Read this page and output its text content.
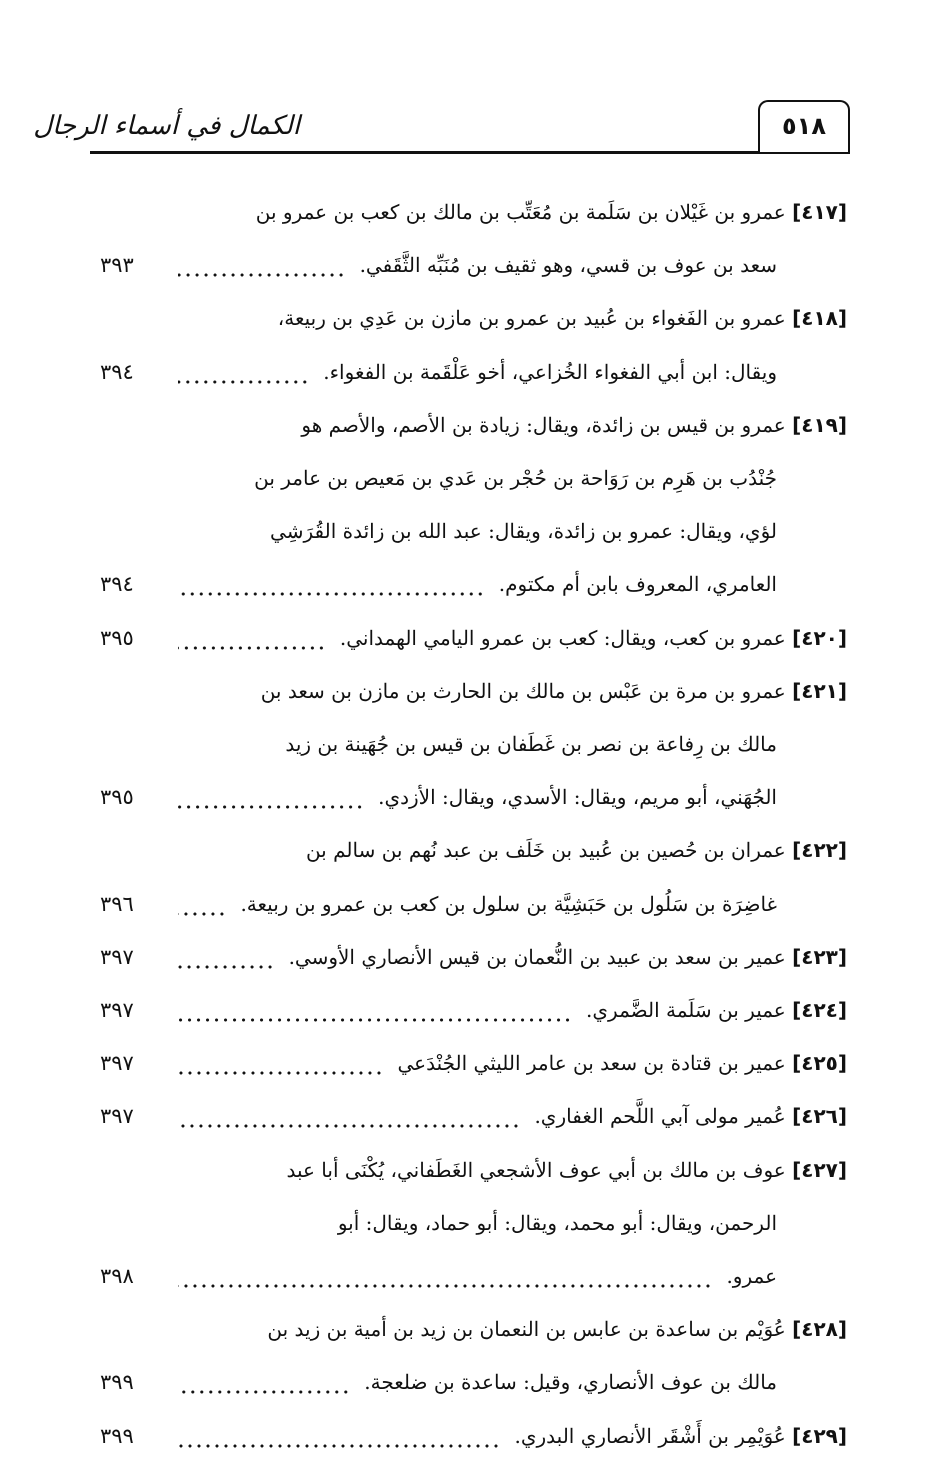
الكمال في أسماء الرجال	٥١٨
[٤١٧] عمرو بن غَيْلان بن سَلَمة بن مُعَتِّب بن مالك بن كعب بن عمرو بن
سعد بن عوف بن قسي، وهو ثقيف بن مُنَبِّه الثَّقَفي.
٣٩٣
[٤١٨] عمرو بن الفَغواء بن عُبيد بن عمرو بن مازن بن عَدِي بن ربيعة،
ويقال: ابن أبي الفغواء الخُزاعي، أخو عَلْقَمة بن الفغواء.
٣٩٤
[٤١٩] عمرو بن قيس بن زائدة، ويقال: زيادة بن الأصم، والأصم هو
جُنْدُب بن هَرِم بن رَوَاحة بن حُجْر بن عَدي بن مَعيص بن عامر بن
لؤي، ويقال: عمرو بن زائدة، ويقال: عبد الله بن زائدة القُرَشِي
العامري، المعروف بابن أم مكتوم.
٣٩٤
[٤٢٠] عمرو بن كعب، ويقال: كعب بن عمرو اليامي الهمداني.
٣٩٥
[٤٢١] عمرو بن مرة بن عَبْس بن مالك بن الحارث بن مازن بن سعد بن
مالك بن رِفاعة بن نصر بن غَطَفان بن قيس بن جُهَينة بن زيد
الجُهَني، أبو مريم، ويقال: الأسدي، ويقال: الأزدي.
٣٩٥
[٤٢٢] عمران بن حُصين بن عُبيد بن خَلَف بن عبد نُهم بن سالم بن
غاضِرَة بن سَلُول بن حَبَشِيَّة بن سلول بن كعب بن عمرو بن ربيعة.
٣٩٦
[٤٢٣] عمير بن سعد بن عبيد بن النُّعمان بن قيس الأنصاري الأوسي.
٣٩٧
[٤٢٤] عمير بن سَلَمة الضَّمري.
٣٩٧
[٤٢٥] عمير بن قتادة بن سعد بن عامر الليثي الجُنْدَعي
٣٩٧
[٤٢٦] عُمير مولى آبي اللَّحم الغفاري.
٣٩٧
[٤٢٧] عوف بن مالك بن أبي عوف الأشجعي الغَطَفاني، يُكْنَى أبا عبد
الرحمن، ويقال: أبو محمد، ويقال: أبو حماد، ويقال: أبو
عمرو.
٣٩٨
[٤٢٨] عُوَيْم بن ساعدة بن عابس بن النعمان بن زيد بن أمية بن زيد بن
مالك بن عوف الأنصاري، وقيل: ساعدة بن ضلعجة.
٣٩٩
[٤٢٩] عُوَيْمِر بن أَشْقَر الأنصاري البدري.
٣٩٩
